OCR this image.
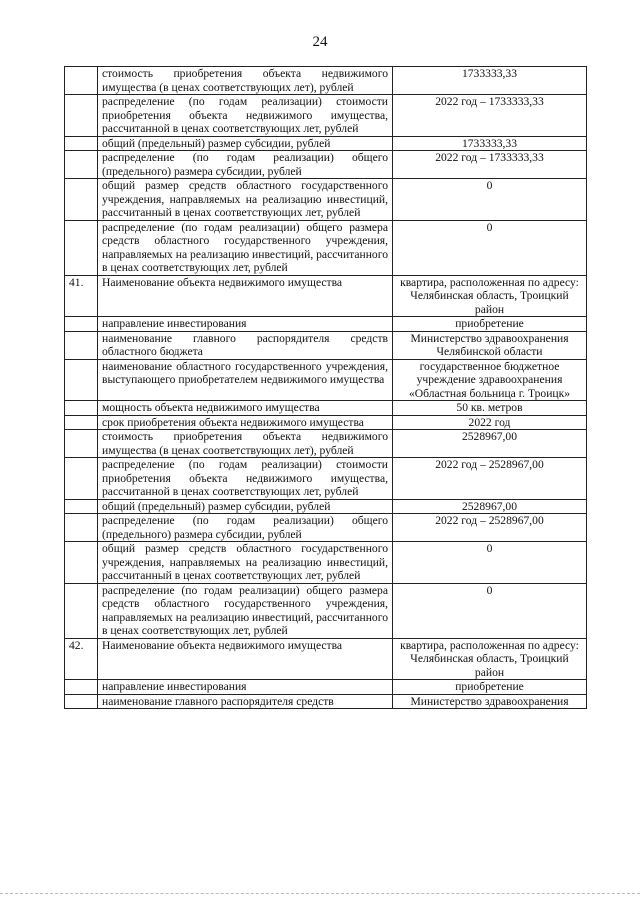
24
	стоимость приобретения объекта недвижимого имущества (в ценах соответствующих лет), рублей	1733333,33
	распределение (по годам реализации) стоимости приобретения объекта недвижимого имущества, рассчитанной в ценах соответствующих лет, рублей	2022 год – 1733333,33
	общий (предельный) размер субсидии, рублей	1733333,33
	распределение (по годам реализации) общего (предельного) размера субсидии, рублей	2022 год – 1733333,33
	общий размер средств областного государственного учреждения, направляемых на реализацию инвестиций, рассчитанный в ценах соответствующих лет, рублей	0
	распределение (по годам реализации) общего размера средств областного государственного учреждения, направляемых на реализацию инвестиций, рассчитанного в ценах соответствующих лет, рублей	0
41.	Наименование объекта недвижимого имущества	квартира, расположенная по адресу: Челябинская область, Троицкий район
	направление инвестирования	приобретение
	наименование главного распорядителя средств областного бюджета	Министерство здравоохранения Челябинской области
	наименование областного государственного учреждения, выступающего приобретателем недвижимого имущества	государственное бюджетное учреждение здравоохранения «Областная больница г. Троицк»
	мощность объекта недвижимого имущества	50 кв. метров
	срок приобретения объекта недвижимого имущества	2022 год
	стоимость приобретения объекта недвижимого имущества (в ценах соответствующих лет), рублей	2528967,00
	распределение (по годам реализации) стоимости приобретения объекта недвижимого имущества, рассчитанной в ценах соответствующих лет, рублей	2022 год – 2528967,00
	общий (предельный) размер субсидии, рублей	2528967,00
	распределение (по годам реализации) общего (предельного) размера субсидии, рублей	2022 год – 2528967,00
	общий размер средств областного государственного учреждения, направляемых на реализацию инвестиций, рассчитанный в ценах соответствующих лет, рублей	0
	распределение (по годам реализации) общего размера средств областного государственного учреждения, направляемых на реализацию инвестиций, рассчитанного в ценах соответствующих лет, рублей	0
42.	Наименование объекта недвижимого имущества	квартира, расположенная по адресу: Челябинская область, Троицкий район
	направление инвестирования	приобретение
	наименование главного распорядителя средств	Министерство здравоохранения
